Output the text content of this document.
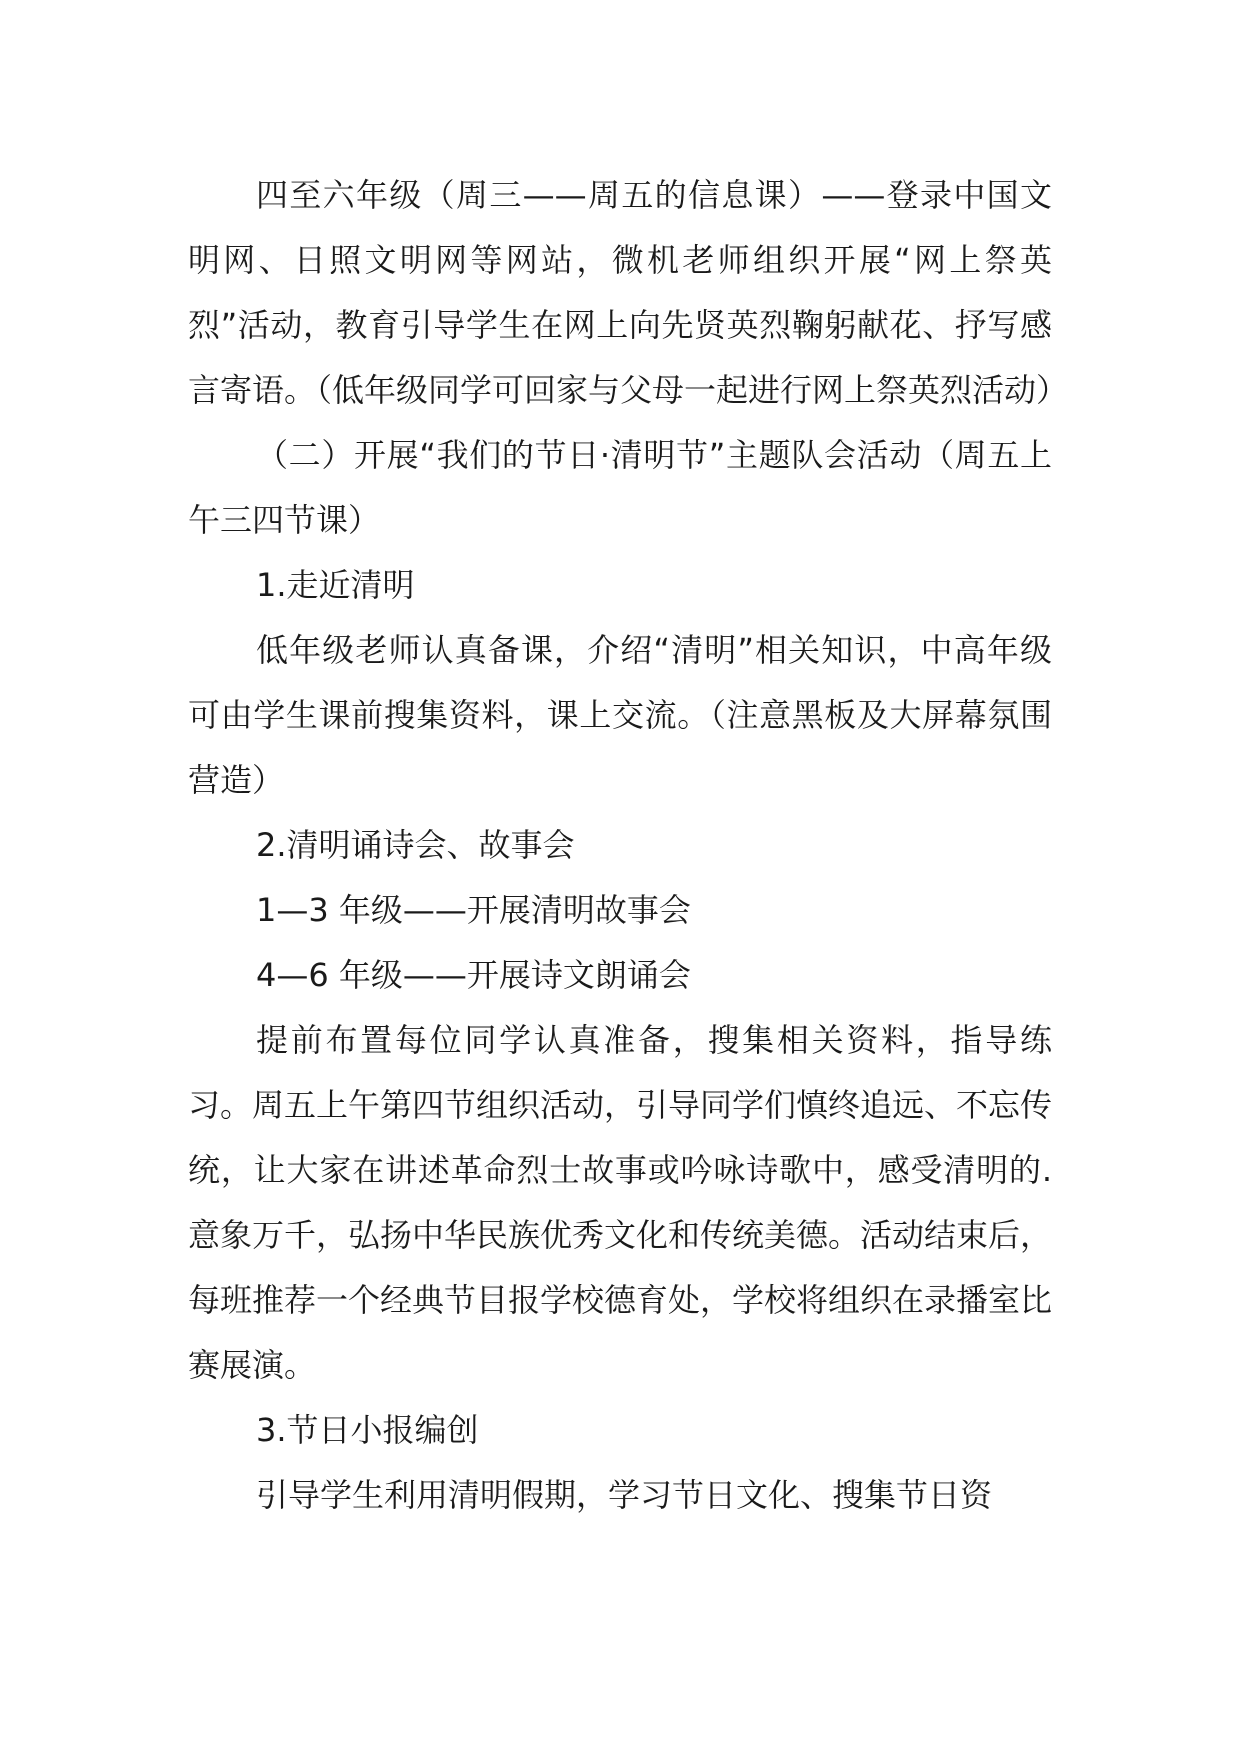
四至六年级（周三——周五的信息课）——登录中国文明网、日照文明网等网站，微机老师组织开展“网上祭英烈”活动，教育引导学生在网上向先贤英烈鞠躬献花、抒写感言寄语。（低年级同学可回家与父母一起进行网上祭英烈活动）

（二）开展“我们的节日·清明节”主题队会活动（周五上午三四节课）

1.走近清明

低年级老师认真备课，介绍“清明”相关知识，中高年级可由学生课前搜集资料，课上交流。（注意黑板及大屏幕氛围营造）

2.清明诵诗会、故事会

1—3 年级——开展清明故事会

4—6 年级——开展诗文朗诵会

提前布置每位同学认真准备，搜集相关资料，指导练习。周五上午第四节组织活动，引导同学们慎终追远、不忘传统，让大家在讲述革命烈士故事或吟咏诗歌中，感受清明的.意象万千，弘扬中华民族优秀文化和传统美德。活动结束后，每班推荐一个经典节目报学校德育处，学校将组织在录播室比赛展演。

3.节日小报编创

引导学生利用清明假期，学习节日文化、搜集节日资
